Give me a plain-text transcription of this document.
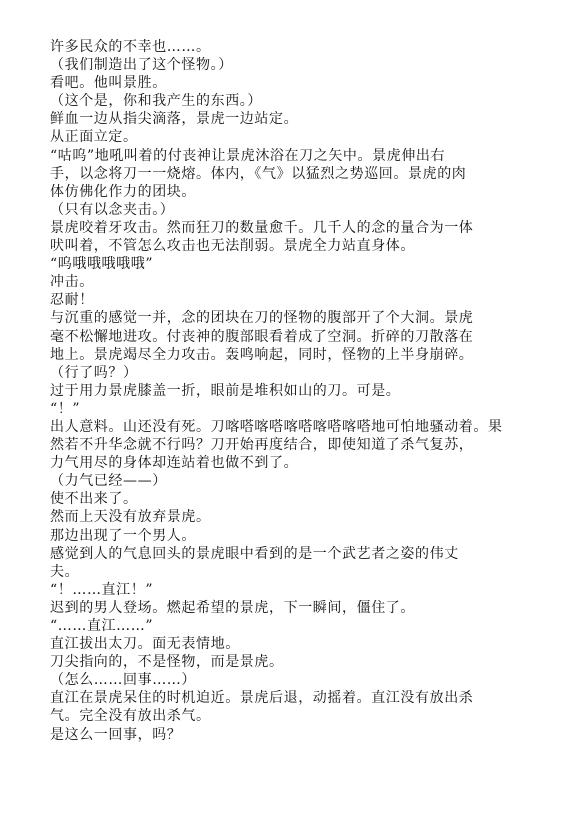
许多民众的不幸也……。
（我们制造出了这个怪物。）
看吧。他叫景胜。
（这个是，你和我产生的东西。）
鲜血一边从指尖滴落，景虎一边站定。
从正面立定。
“咕呜”地吼叫着的付丧神让景虎沐浴在刀之矢中。景虎伸出右
手，以念将刀一一烧熔。体内，《气》以猛烈之势巡回。景虎的肉
体仿佛化作力的团块。
（只有以念夹击。）
景虎咬着牙攻击。然而狂刀的数量愈千。几千人的念的量合为一体
吠叫着，不管怎么攻击也无法削弱。景虎全力站直身体。
“呜哦哦哦哦哦”
冲击。
忍耐！
与沉重的感觉一并，念的团块在刀的怪物的腹部开了个大洞。景虎
毫不松懈地进攻。付丧神的腹部眼看着成了空洞。折碎的刀散落在
地上。景虎竭尽全力攻击。轰鸣响起，同时，怪物的上半身崩碎。
（行了吗？）
过于用力景虎膝盖一折，眼前是堆积如山的刀。可是。
“！”
出人意料。山还没有死。刀喀嗒喀嗒喀嗒喀嗒喀嗒地可怕地骚动着。果
然若不升华念就不行吗？刀开始再度结合，即使知道了杀气复苏，
力气用尽的身体却连站着也做不到了。
（力气已经——）
使不出来了。
然而上天没有放弃景虎。
那边出现了一个男人。
感觉到人的气息回头的景虎眼中看到的是一个武艺者之姿的伟丈
夫。
“！……直江！”
迟到的男人登场。燃起希望的景虎，下一瞬间，僵住了。
“……直江……”
直江拔出太刀。面无表情地。
刀尖指向的，不是怪物，而是景虎。
（怎么……回事……）
直江在景虎呆住的时机迫近。景虎后退，动摇着。直江没有放出杀
气。完全没有放出杀气。
是这么一回事，吗？
